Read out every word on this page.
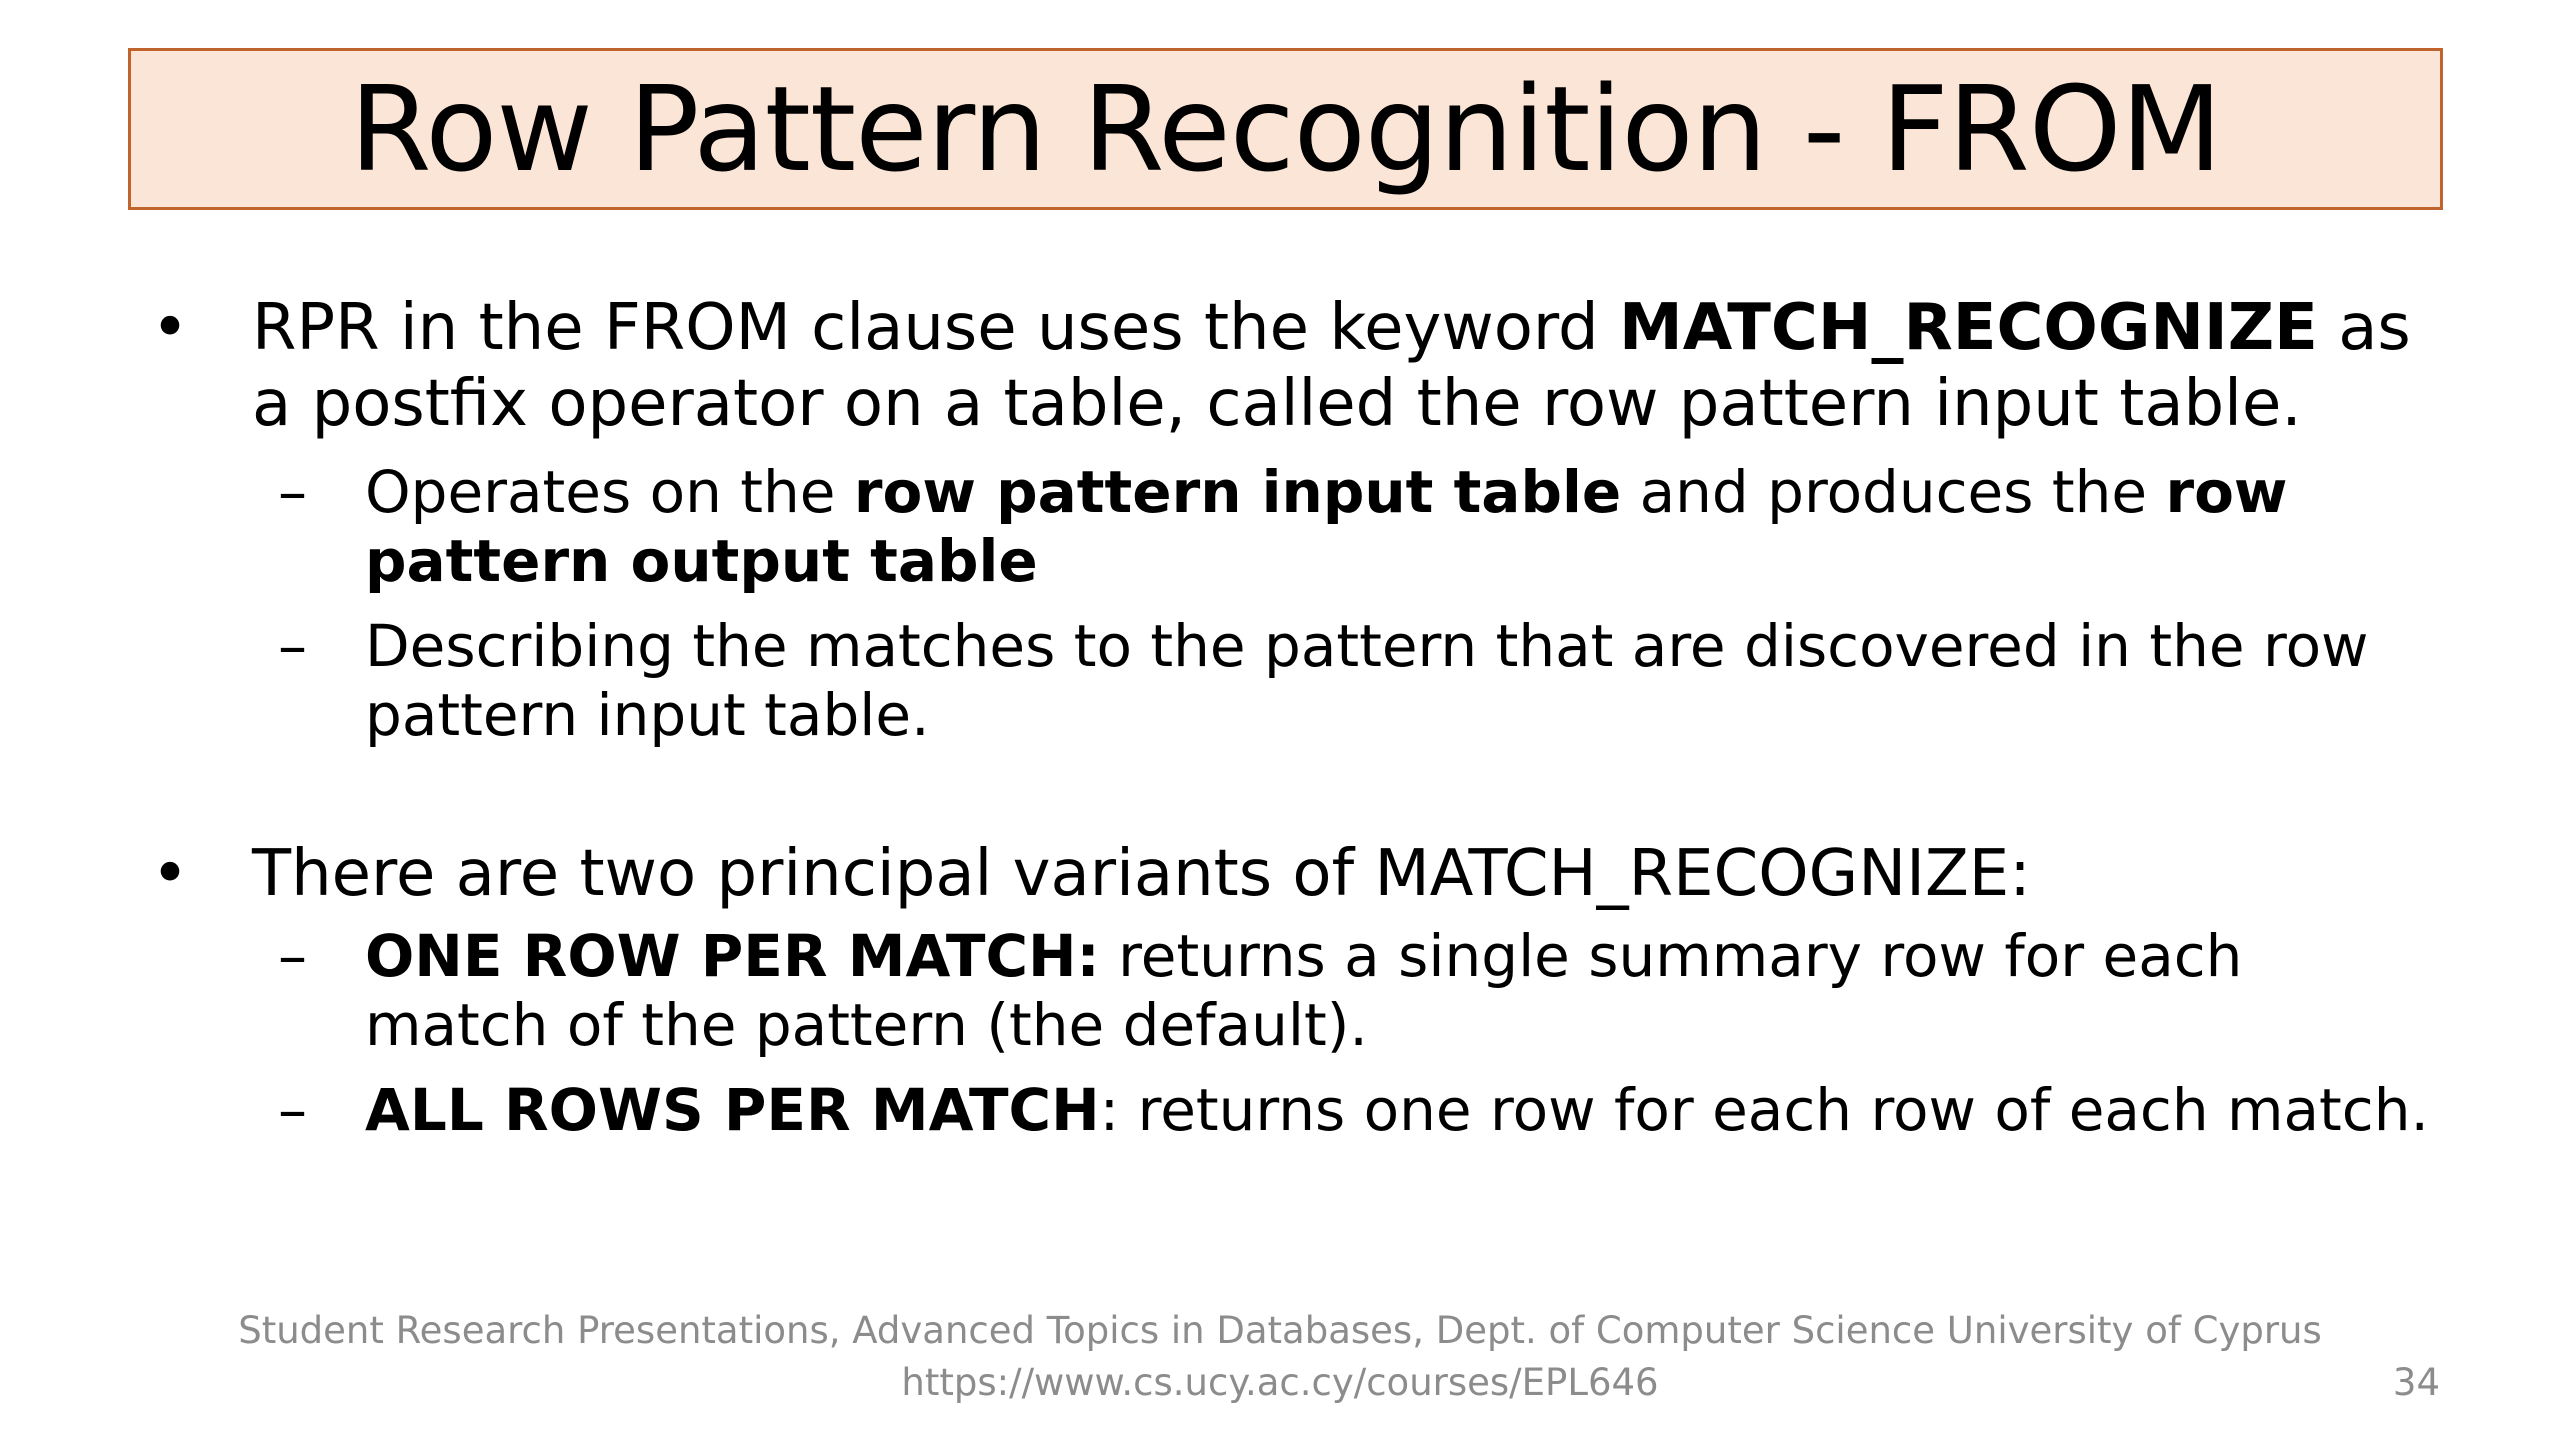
Row Pattern Recognition - FROM
• RPR in the FROM clause uses the keyword MATCH_RECOGNIZE as a postfix operator on a table, called the row pattern input table.
– Operates on the row pattern input table and produces the row pattern output table
– Describing the matches to the pattern that are discovered in the row pattern input table.
• There are two principal variants of MATCH_RECOGNIZE:
– ONE ROW PER MATCH: returns a single summary row for each match of the pattern (the default).
– ALL ROWS PER MATCH: returns one row for each row of each match.
Student Research Presentations, Advanced Topics in Databases, Dept. of Computer Science University of Cyprus
https://www.cs.ucy.ac.cy/courses/EPL646	34
